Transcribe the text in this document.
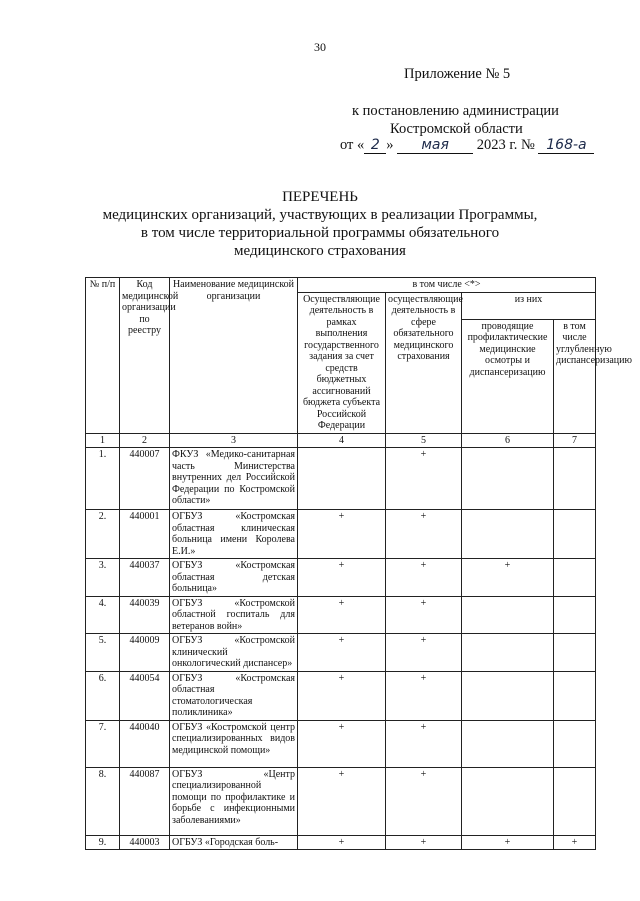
30
Приложение № 5
к постановлению администрации
Костромской области
от « 2 » мая 2023 г. № 168-а
ПЕРЕЧЕНЬ
медицинских организаций, участвующих в реализации Программы,
в том числе территориальной программы обязательного
медицинского страхования
№ п/п	Код медицинской организации по реестру	Наименование медицинской организации	в том числе <*>			
			Осуществляющие деятельность в рамках выполнения государственного задания за счет средств бюджетных ассигнований бюджета субъекта Российской Федерации	осуществляющие деятельность в сфере обязательного медицинского страхования	из них	
					проводящие профилактические медицинские осмотры и диспансеризацию	в том числе углубленную диспансеризацию
1	2	3	4	5	6	7
1.	440007	ФКУЗ «Медико-санитарная часть Министерства внутренних дел Российской Федерации по Костромской области»		+		
2.	440001	ОГБУЗ «Костромская областная клиническая больница имени Королева Е.И.»	+	+		
3.	440037	ОГБУЗ «Костромская областная детская больница»	+	+	+	
4.	440039	ОГБУЗ «Костромской областной госпиталь для ветеранов войн»	+	+		
5.	440009	ОГБУЗ «Костромской клинический онкологический диспансер»	+	+		
6.	440054	ОГБУЗ «Костромская областная стоматологическая поликлиника»	+	+		
7.	440040	ОГБУЗ «Костромской центр специализированных видов медицинской помощи»	+	+		
8.	440087	ОГБУЗ «Центр специализированной помощи по профилактике и борьбе с инфекционными заболеваниями»	+	+		
9.	440003	ОГБУЗ «Городская боль-	+	+	+	+
